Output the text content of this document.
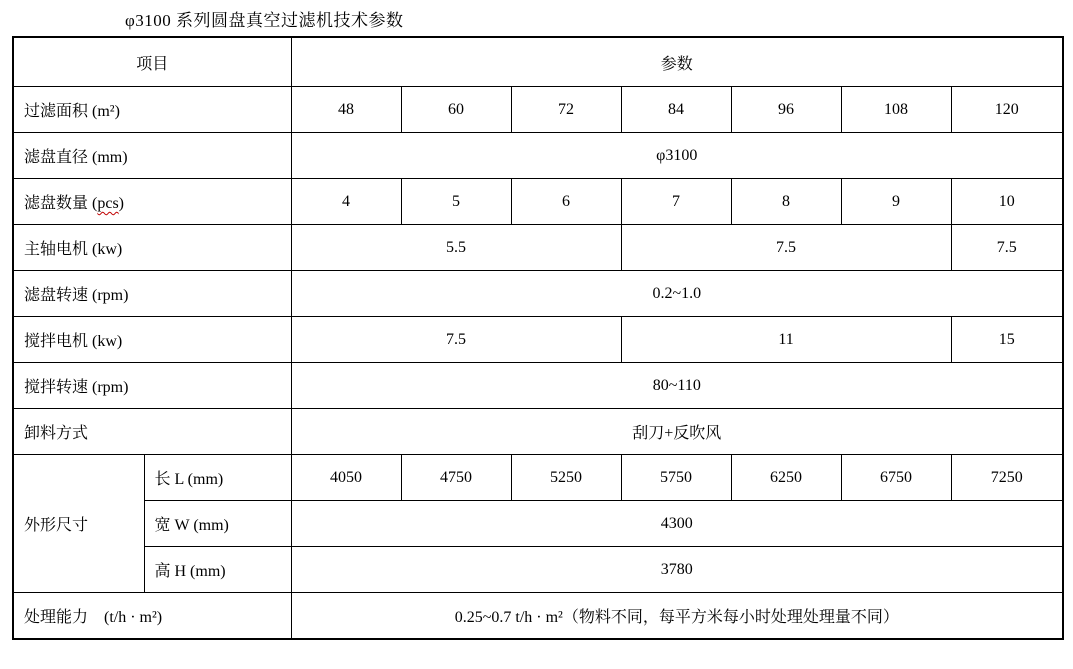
φ3100 系列圆盘真空过滤机技术参数
项目		参数						
过滤面积 (m²)		48	60	72	84	96	108	120
滤盘直径 (mm)		φ3100						
滤盘数量 (pcs)		4	5	6	7	8	9	10
主轴电机 (kw)		5.5			7.5			7.5
滤盘转速 (rpm)		0.2~1.0						
搅拌电机 (kw)		7.5			11			15
搅拌转速 (rpm)		80~110						
卸料方式		刮刀+反吹风						
外形尺寸	长 L (mm)	4050	4750	5250	5750	6250	6750	7250
	宽 W (mm)	4300						
	高 H (mm)	3780						
处理能力　(t/h · m²)		0.25~0.7 t/h · m²（物料不同，每平方米每小时处理处理量不同）						
